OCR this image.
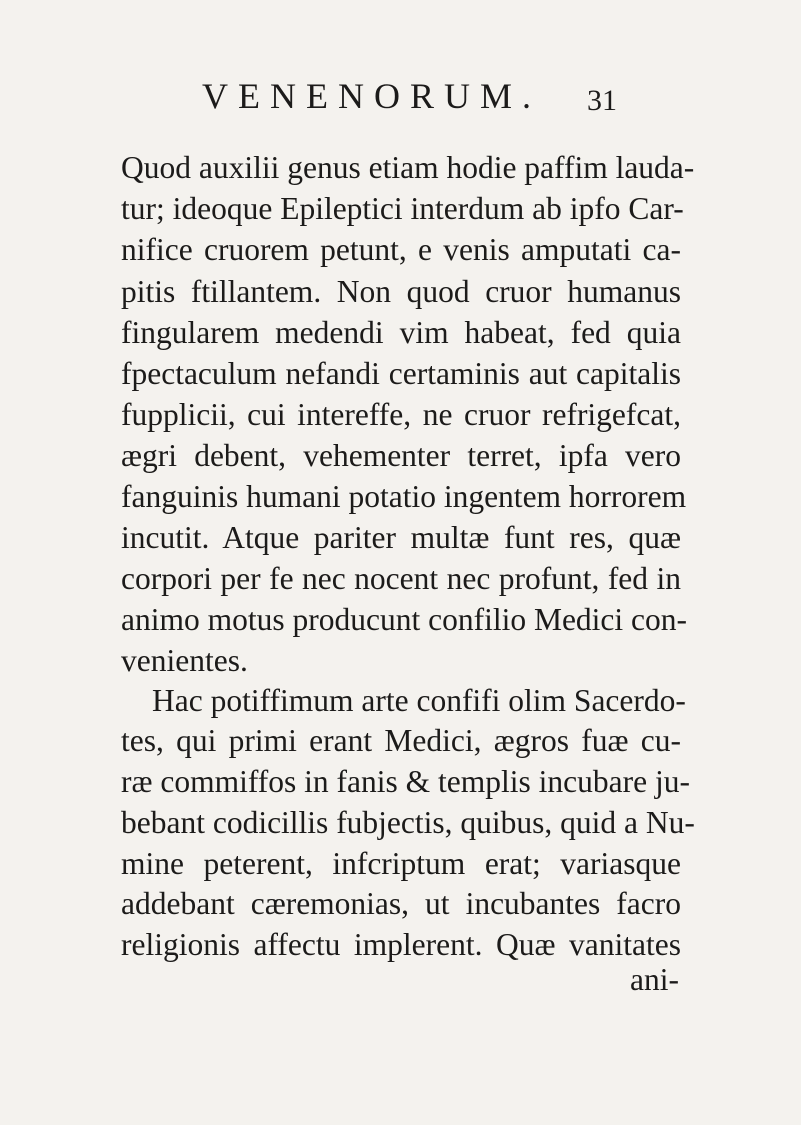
VENENORUM. 31
Quod auxilii genus etiam hodie paffim lauda-
tur; ideoque Epileptici interdum ab ipfo Car-
nifice cruorem petunt, e venis amputati ca-
pitis ftillantem. Non quod cruor humanus
fingularem medendi vim habeat, fed quia
fpectaculum nefandi certaminis aut capitalis
fupplicii, cui intereffe, ne cruor refrigefcat,
ægri debent, vehementer terret, ipfa vero
fanguinis humani potatio ingentem horrorem
incutit. Atque pariter multæ funt res, quæ
corpori per fe nec nocent nec profunt, fed in
animo motus producunt confilio Medici con-
venientes.
Hac potiffimum arte confifi olim Sacerdo-
tes, qui primi erant Medici, ægros fuæ cu-
ræ commiffos in fanis & templis incubare ju-
bebant codicillis fubjectis, quibus, quid a Nu-
mine peterent, infcriptum erat; variasque
addebant cæremonias, ut incubantes facro
religionis affectu implerent. Quæ vanitates
ani-
